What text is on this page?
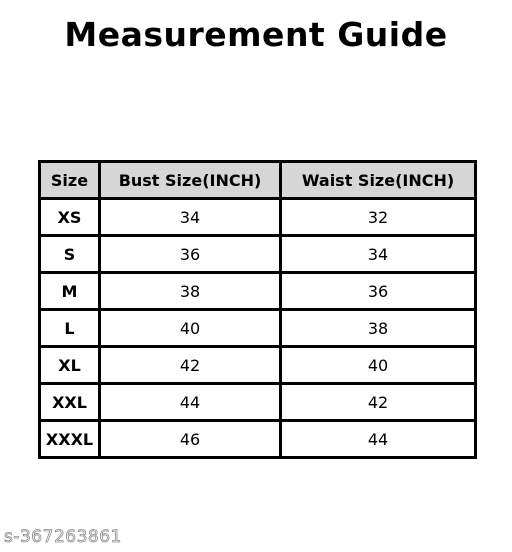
Measurement Guide
Size	Bust Size(INCH)	Waist Size(INCH)
XS	34	32
S	36	34
M	38	36
L	40	38
XL	42	40
XXL	44	42
XXXL	46	44
s-367263861
